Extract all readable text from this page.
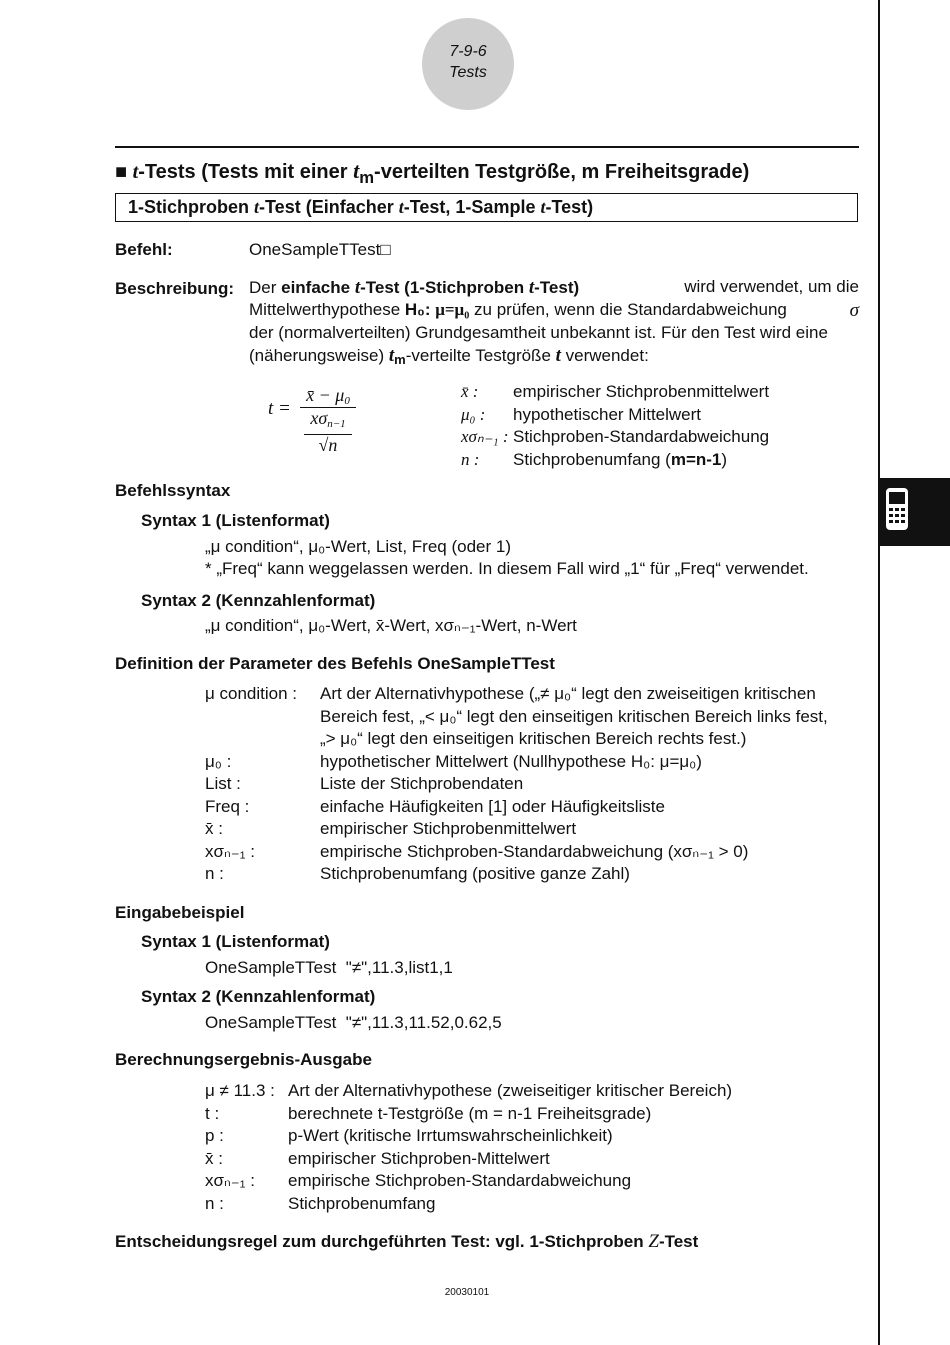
7-9-6
Tests
■ t-Tests (Tests mit einer $t_m$-verteilten Testgröße, m Freiheitsgrade)
1-Stichproben t-Test (Einfacher t-Test, 1-Sample t-Test)
Befehl:	OneSampleTTest□
Beschreibung: Der einfache t-Test (1-Stichproben t-Test)	wird verwendet, um die
Mittelwerthypothese H₀: μ=μ₀ zu prüfen, wenn die Standardabweichung	σ
der (normalverteilten) Grundgesamtheit unbekannt ist. Für den Test wird eine
(näherungsweise) $t_m$-verteilte Testgröße t verwendet:
t =
x̄ − $\mu_0$
$x\sigma_{n-1}$
√n
x̄ : empirischer Stichprobenmittelwert
μ₀ : hypothetischer Mittelwert
xσₙ₋₁ : Stichproben-Standardabweichung
n : Stichprobenumfang (m=n-1)
Befehlssyntax
Syntax 1 (Listenformat)
„μ condition“, μ₀-Wert, List, Freq (oder 1)
* „Freq“ kann weggelassen werden. In diesem Fall wird „1“ für „Freq“ verwendet.
Syntax 2 (Kennzahlenformat)
„μ condition“, μ₀-Wert, x̄-Wert, xσₙ₋₁-Wert, n-Wert
Definition der Parameter des Befehls OneSampleTTest
μ condition :	Art der Alternativhypothese („≠ μ₀“ legt den zweiseitigen kritischen
Bereich fest, „< μ₀“ legt den einseitigen kritischen Bereich links fest,
„> μ₀“ legt den einseitigen kritischen Bereich rechts fest.)
μ₀ :	hypothetischer Mittelwert (Nullhypothese H₀: μ=μ₀)
List :	Liste der Stichprobendaten
Freq :	einfache Häufigkeiten [1] oder Häufigkeitsliste
x̄ :	empirischer Stichprobenmittelwert
xσₙ₋₁ :	empirische Stichproben-Standardabweichung (xσₙ₋₁ > 0)
n :	Stichprobenumfang (positive ganze Zahl)
Eingabebeispiel
Syntax 1 (Listenformat)
OneSampleTTest  "≠",11.3,list1,1
Syntax 2 (Kennzahlenformat)
OneSampleTTest  "≠",11.3,11.52,0.62,5
Berechnungsergebnis-Ausgabe
μ ≠ 11.3 : Art der Alternativhypothese (zweiseitiger kritischer Bereich)
t :	berechnete t-Testgröße (m = n-1 Freiheitsgrade)
p :	p-Wert (kritische Irrtumswahrscheinlichkeit)
x̄ :	empirischer Stichproben-Mittelwert
xσₙ₋₁ :	empirische Stichproben-Standardabweichung
n :	Stichprobenumfang
Entscheidungsregel zum durchgeführten Test: vgl. 1-Stichproben Z-Test
20030101
